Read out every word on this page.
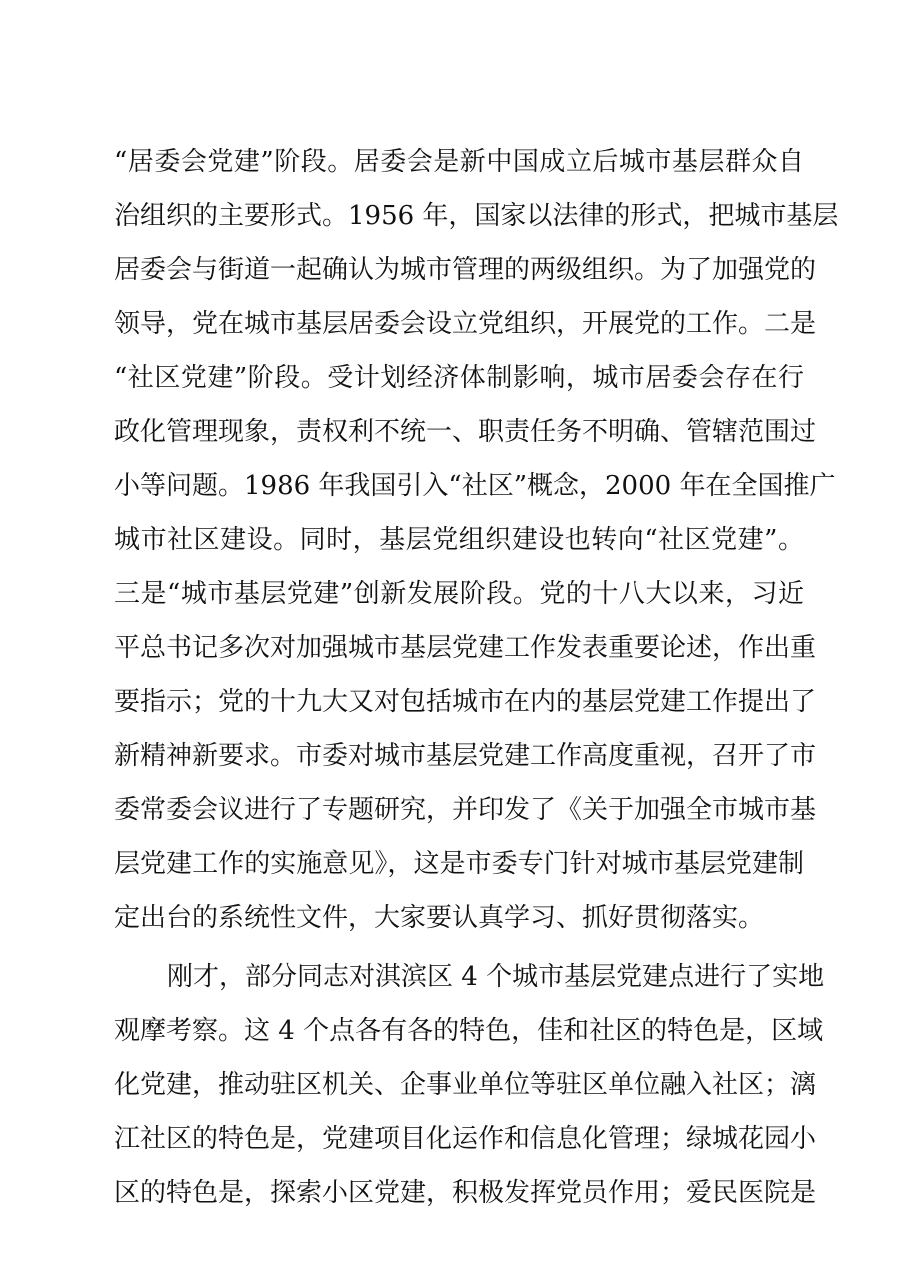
“居委会党建”阶段。居委会是新中国成立后城市基层群众自
治组织的主要形式。1956 年，国家以法律的形式，把城市基层
居委会与街道一起确认为城市管理的两级组织。为了加强党的
领导，党在城市基层居委会设立党组织，开展党的工作。二是
“社区党建”阶段。受计划经济体制影响，城市居委会存在行
政化管理现象，责权利不统一、职责任务不明确、管辖范围过
小等问题。1986 年我国引入“社区”概念，2000 年在全国推广
城市社区建设。同时，基层党组织建设也转向“社区党建”。
三是“城市基层党建”创新发展阶段。党的十八大以来，习近
平总书记多次对加强城市基层党建工作发表重要论述，作出重
要指示；党的十九大又对包括城市在内的基层党建工作提出了
新精神新要求。市委对城市基层党建工作高度重视，召开了市
委常委会议进行了专题研究，并印发了《关于加强全市城市基
层党建工作的实施意见》，这是市委专门针对城市基层党建制
定出台的系统性文件，大家要认真学习、抓好贯彻落实。
刚才，部分同志对淇滨区 4 个城市基层党建点进行了实地
观摩考察。这 4 个点各有各的特色，佳和社区的特色是，区域
化党建，推动驻区机关、企事业单位等驻区单位融入社区；漓
江社区的特色是，党建项目化运作和信息化管理；绿城花园小
区的特色是，探索小区党建，积极发挥党员作用；爱民医院是
